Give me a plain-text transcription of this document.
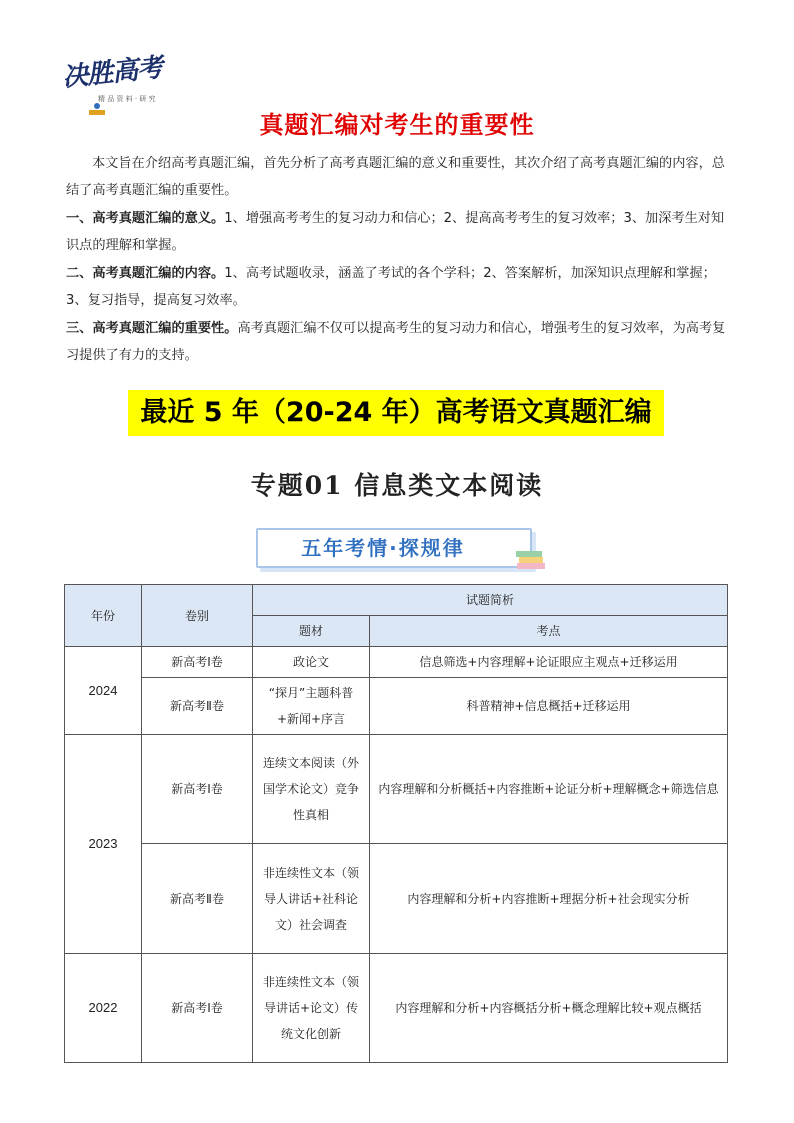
决胜高考
精 品 资 料 · 研 究
真题汇编对考生的重要性

本文旨在介绍高考真题汇编，首先分析了高考真题汇编的意义和重要性，其次介绍了高考真题汇编的内容，总结了高考真题汇编的重要性。

一、高考真题汇编的意义。1、增强高考考生的复习动力和信心；2、提高高考考生的复习效率；3、加深考生对知识点的理解和掌握。

二、高考真题汇编的内容。1、高考试题收录，涵盖了考试的各个学科；2、答案解析，加深知识点理解和掌握；3、复习指导，提高复习效率。

三、高考真题汇编的重要性。高考真题汇编不仅可以提高考生的复习动力和信心，增强考生的复习效率，为高考复习提供了有力的支持。

最近 5 年（20-24 年）高考语文真题汇编
专题01 信息类文本阅读
五年考情·探规律
年份	卷别	试题简析	
		题材	考点
2024	新高考Ⅰ卷	政论文	信息筛选+内容理解+论证眼应主观点+迁移运用
	新高考Ⅱ卷	“探月”主题科普+新闻+序言	科普精神+信息概括+迁移运用
2023	新高考Ⅰ卷	连续文本阅读（外国学术论文）竞争性真相	内容理解和分析概括+内容推断+论证分析+理解概念+筛选信息
	新高考Ⅱ卷	非连续性文本（领导人讲话+社科论文）社会调查	内容理解和分析+内容推断+理据分析+社会现实分析
2022	新高考Ⅰ卷	非连续性文本（领导讲话+论文）传统文化创新	内容理解和分析+内容概括分析+概念理解比较+观点概括
